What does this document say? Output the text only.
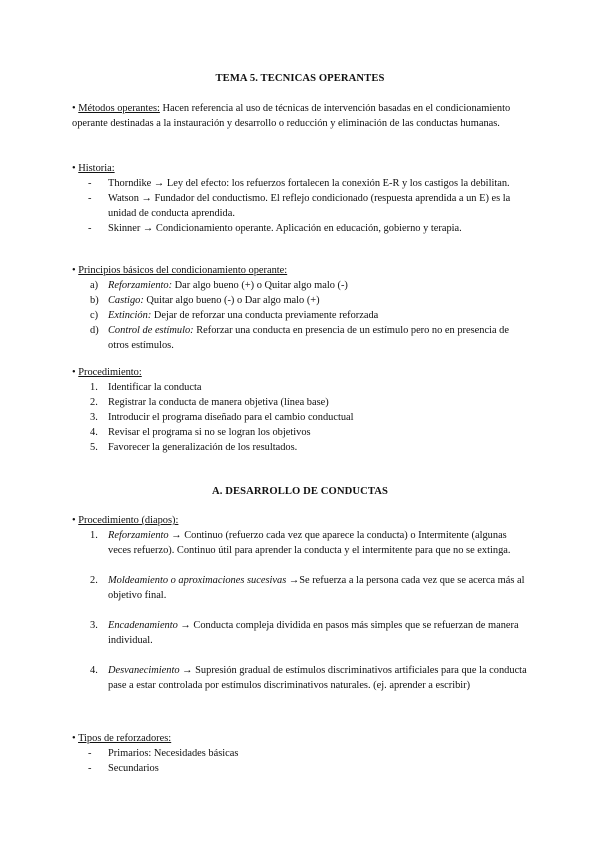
TEMA 5. TECNICAS OPERANTES

• Métodos operantes: Hacen referencia al uso de técnicas de intervención basadas en el condicionamiento operante destinadas a la instauración y desarrollo o reducción y eliminación de las conductas humanas.

• Historia:

- Thorndike → Ley del efecto: los refuerzos fortalecen la conexión E-R y los castigos la debilitan.
- Watson → Fundador del conductismo. El reflejo condicionado (respuesta aprendida a un E) es la unidad de conducta aprendida.
- Skinner → Condicionamiento operante. Aplicación en educación, gobierno y terapia.

• Principios básicos del condicionamiento operante:

a) Reforzamiento: Dar algo bueno (+) o Quitar algo malo (-)
b) Castigo: Quitar algo bueno (-) o Dar algo malo (+)
c) Extinción: Dejar de reforzar una conducta previamente reforzada
d) Control de estímulo: Reforzar una conducta en presencia de un estímulo pero no en presencia de otros estímulos.

• Procedimiento:

1. Identificar la conducta
2. Registrar la conducta de manera objetiva (línea base)
3. Introducir el programa diseñado para el cambio conductual
4. Revisar el programa si no se logran los objetivos
5. Favorecer la generalización de los resultados.
A. DESARROLLO DE CONDUCTAS

• Procedimiento (diapos):

1. Reforzamiento → Continuo (refuerzo cada vez que aparece la conducta) o Intermitente (algunas veces refuerzo). Continuo útil para aprender la conducta y el intermitente para que no se extinga.
2. Moldeamiento o aproximaciones sucesivas →Se refuerza a la persona cada vez que se acerca más al objetivo final.
3. Encadenamiento → Conducta compleja dividida en pasos más simples que se refuerzan de manera individual.
4. Desvanecimiento → Supresión gradual de estímulos discriminativos artificiales para que la conducta pase a estar controlada por estímulos discriminativos naturales. (ej. aprender a escribir)

• Tipos de reforzadores:

- Primarios: Necesidades básicas
- Secundarios
